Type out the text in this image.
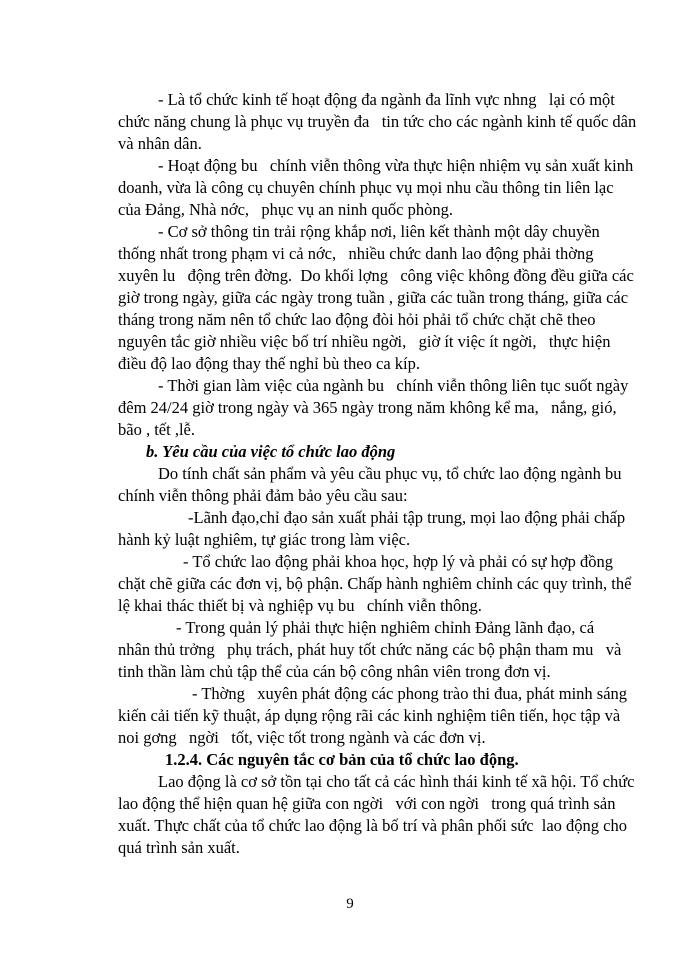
- Là tổ chức kinh tế hoạt động đa ngành đa lĩnh vực nhng   lại có một
chức năng chung là phục vụ truyền đa   tin tức cho các ngành kinh tế quốc dân
và nhân dân.
- Hoạt động bu   chính viễn thông vừa thực hiện nhiệm vụ sản xuất kinh
doanh, vừa là công cụ chuyên chính phục vụ mọi nhu cầu thông tin liên lạc
của Đảng, Nhà nớc,   phục vụ an ninh quốc phòng.
- Cơ sở thông tin trải rộng khắp nơi, liên kết thành một dây chuyền
thống nhất trong phạm vi cả nớc,   nhiều chức danh lao động phải thờng
xuyên lu   động trên đờng.  Do khối lợng   công việc không đồng đều giữa các
giờ trong ngày, giữa các ngày trong tuần , giữa các tuần trong tháng, giữa các
tháng trong năm nên tổ chức lao động đòi hỏi phải tổ chức chặt chẽ theo
nguyên tắc giờ nhiều việc bố trí nhiều ngời,   giờ ít việc ít ngời,   thực hiện
điều độ lao động thay thế nghỉ bù theo ca kíp.
- Thời gian làm việc của ngành bu   chính viễn thông liên tục suốt ngày
đêm 24/24 giờ trong ngày và 365 ngày trong năm không kể ma,   nắng, gió,
bão , tết ,lễ.
b. Yêu cầu của việc tổ chức lao động
Do tính chất sản phẩm và yêu cầu phục vụ, tổ chức lao động ngành bu
chính viễn thông phải đảm bảo yêu cầu sau:
-Lãnh đạo,chỉ đạo sản xuất phải tập trung, mọi lao động phải chấp
hành kỷ luật nghiêm, tự giác trong làm việc.
- Tổ chức lao động phải khoa học, hợp lý và phải có sự hợp đồng
chặt chẽ giữa các đơn vị, bộ phận. Chấp hành nghiêm chỉnh các quy trình, thể
lệ khai thác thiết bị và nghiệp vụ bu   chính viễn thông.
- Trong quản lý phải thực hiện nghiêm chỉnh Đảng lãnh đạo, cá
nhân thủ trởng   phụ trách, phát huy tốt chức năng các bộ phận tham mu   và
tinh thần làm chủ tập thể của cán bộ công nhân viên trong đơn vị.
- Thờng   xuyên phát động các phong trào thi đua, phát minh sáng
kiến cải tiến kỹ thuật, áp dụng rộng rãi các kinh nghiệm tiên tiến, học tập và
noi gơng   ngời   tốt, việc tốt trong ngành và các đơn vị.
1.2.4. Các nguyên tắc cơ bản của tổ chức lao động.
Lao động là cơ sở tồn tại cho tất cả các hình thái kinh tế xã hội. Tổ chức
lao động thể hiện quan hệ giữa con ngời   với con ngời   trong quá trình sản
xuất. Thực chất của tổ chức lao động là bố trí và phân phối sức  lao động cho
quá trình sản xuất.
9
